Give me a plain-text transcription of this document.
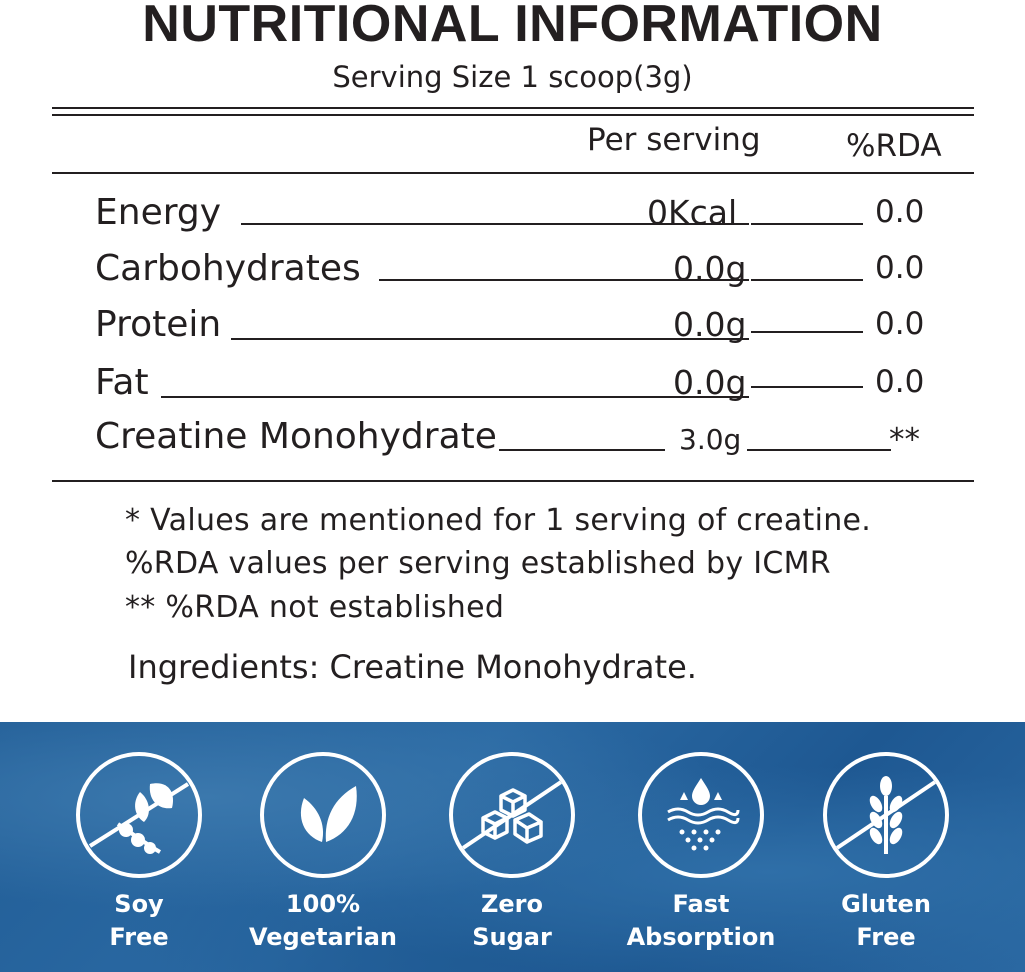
NUTRITIONAL INFORMATION
Serving Size 1 scoop(3g)
Per serving	%RDA
Energy	0Kcal	0.0
Carbohydrates	0.0g	0.0
Protein	0.0g	0.0
Fat	0.0g	0.0
Creatine Monohydrate	3.0g	**
* Values are mentioned for 1 serving of creatine.
%RDA values per serving established by ICMR
** %RDA not established
Ingredients: Creatine Monohydrate.
Soy
Free
100%
Vegetarian
Zero
Sugar
Fast
Absorption
Gluten
Free
